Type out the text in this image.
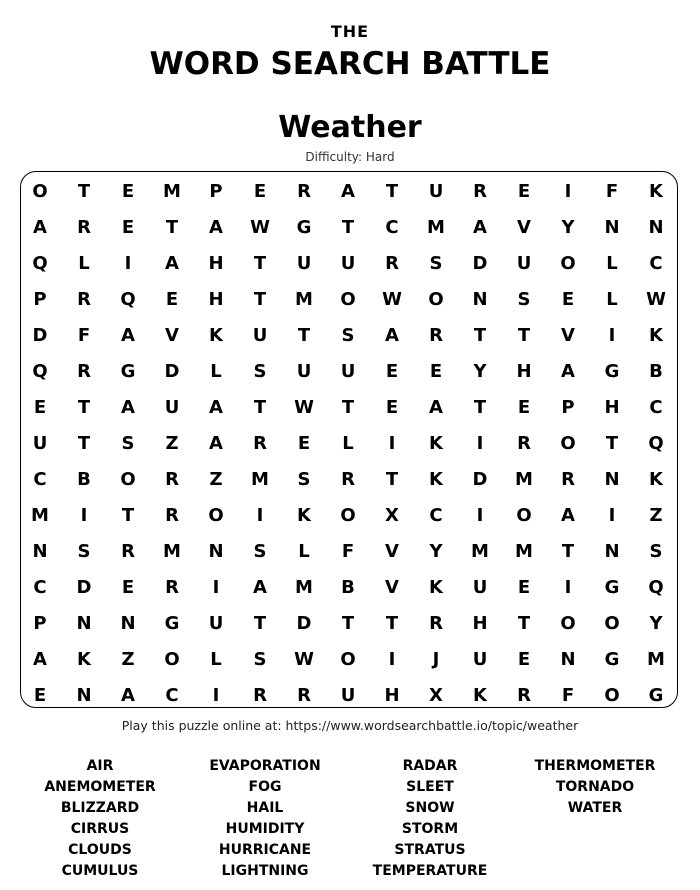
THE
WORD SEARCH BATTLE
Weather
Difficulty: Hard
O	T	E	M	P	E	R	A	T	U	R	E	I	F	K
A	R	E	T	A	W	G	T	C	M	A	V	Y	N	N
Q	L	I	A	H	T	U	U	R	S	D	U	O	L	C
P	R	Q	E	H	T	M	O	W	O	N	S	E	L	W
D	F	A	V	K	U	T	S	A	R	T	T	V	I	K
Q	R	G	D	L	S	U	U	E	E	Y	H	A	G	B
E	T	A	U	A	T	W	T	E	A	T	E	P	H	C
U	T	S	Z	A	R	E	L	I	K	I	R	O	T	Q
C	B	O	R	Z	M	S	R	T	K	D	M	R	N	K
M	I	T	R	O	I	K	O	X	C	I	O	A	I	Z
N	S	R	M	N	S	L	F	V	Y	M	M	T	N	S
C	D	E	R	I	A	M	B	V	K	U	E	I	G	Q
P	N	N	G	U	T	D	T	T	R	H	T	O	O	Y
A	K	Z	O	L	S	W	O	I	J	U	E	N	G	M
E	N	A	C	I	R	R	U	H	X	K	R	F	O	G
Play this puzzle online at: https://www.wordsearchbattle.io/topic/weather
AIR
ANEMOMETER
BLIZZARD
CIRRUS
CLOUDS
CUMULUS
EVAPORATION
FOG
HAIL
HUMIDITY
HURRICANE
LIGHTNING
RADAR
SLEET
SNOW
STORM
STRATUS
TEMPERATURE
THERMOMETER
TORNADO
WATER
